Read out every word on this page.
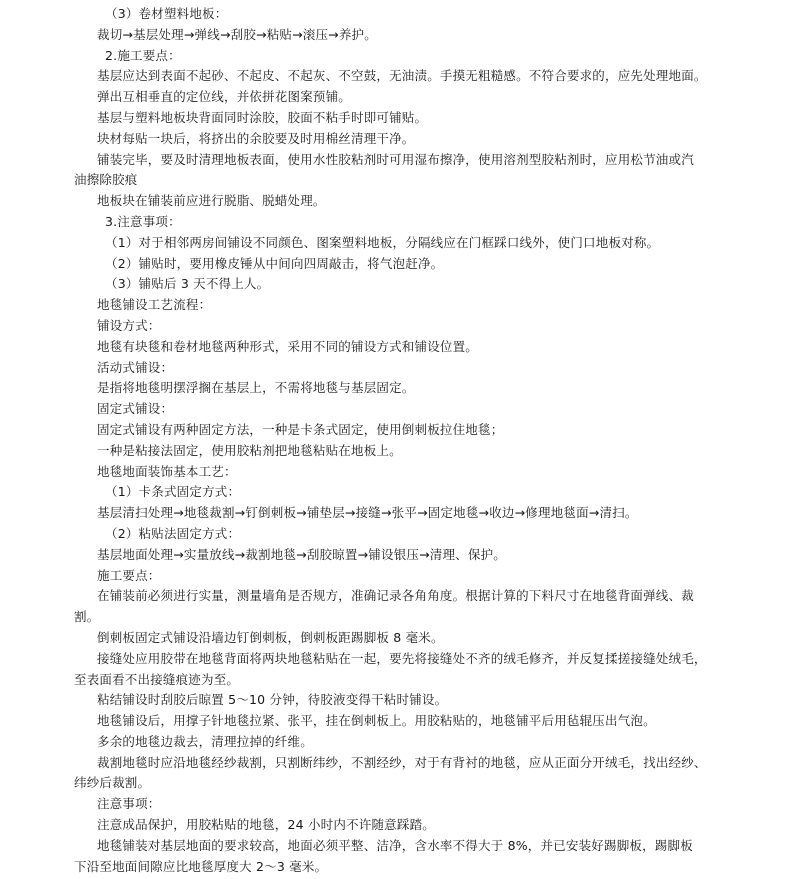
（3）卷材塑料地板：
裁切→基层处理→弹线→刮胶→粘贴→滚压→养护。
2.施工要点：
基层应达到表面不起砂、不起皮、不起灰、不空鼓，无油渍。手摸无粗糙感。不符合要求的，应先处理地面。
弹出互相垂直的定位线，并依拼花图案预铺。
基层与塑料地板块背面同时涂胶，胶面不粘手时即可铺贴。
块材每贴一块后，将挤出的余胶要及时用棉丝清理干净。
铺装完毕，要及时清理地板表面，使用水性胶粘剂时可用湿布擦净，使用溶剂型胶粘剂时，应用松节油或汽
油擦除胶痕
地板块在铺装前应进行脱脂、脱蜡处理。
3.注意事项：
（1）对于相邻两房间铺设不同颜色、图案塑料地板，分隔线应在门框踩口线外，使门口地板对称。
（2）铺贴时，要用橡皮锤从中间向四周敲击，将气泡赶净。
（3）铺贴后 3 天不得上人。
地毯铺设工艺流程：
铺设方式：
地毯有块毯和卷材地毯两种形式，采用不同的铺设方式和铺设位置。
活动式铺设：
是指将地毯明摆浮搁在基层上，不需将地毯与基层固定。
固定式铺设：
固定式铺设有两种固定方法，一种是卡条式固定，使用倒刺板拉住地毯；
一种是粘接法固定，使用胶粘剂把地毯粘贴在地板上。
地毯地面装饰基本工艺：
（1）卡条式固定方式：
基层清扫处理→地毯裁割→钉倒刺板→铺垫层→接缝→张平→固定地毯→收边→修理地毯面→清扫。
（2）粘贴法固定方式：
基层地面处理→实量放线→裁割地毯→刮胶晾置→铺设银压→清理、保护。
施工要点：
在铺装前必须进行实量，测量墙角是否规方，准确记录各角角度。根据计算的下料尺寸在地毯背面弹线、裁
割。
倒刺板固定式铺设沿墙边钉倒刺板，倒刺板距踢脚板 8 毫米。
接缝处应用胶带在地毯背面将两块地毯粘贴在一起，要先将接缝处不齐的绒毛修齐，并反复揉搓接缝处绒毛，
至表面看不出接缝痕迹为至。
粘结铺设时刮胶后晾置 5～10 分钟，待胶液变得干粘时铺设。
地毯铺设后，用撑子针地毯拉紧、张平，挂在倒刺板上。用胶粘贴的，地毯铺平后用毡辊压出气泡。
多余的地毯边裁去，清理拉掉的纤维。
裁割地毯时应沿地毯经纱裁割，只割断纬纱，不割经纱，对于有背衬的地毯，应从正面分开绒毛，找出经纱、
纬纱后裁割。
注意事项：
注意成品保护，用胶粘贴的地毯，24 小时内不许随意踩踏。
地毯铺装对基层地面的要求较高，地面必须平整、洁净，含水率不得大于 8%，并已安装好踢脚板，踢脚板
下沿至地面间隙应比地毯厚度大 2～3 毫米。
